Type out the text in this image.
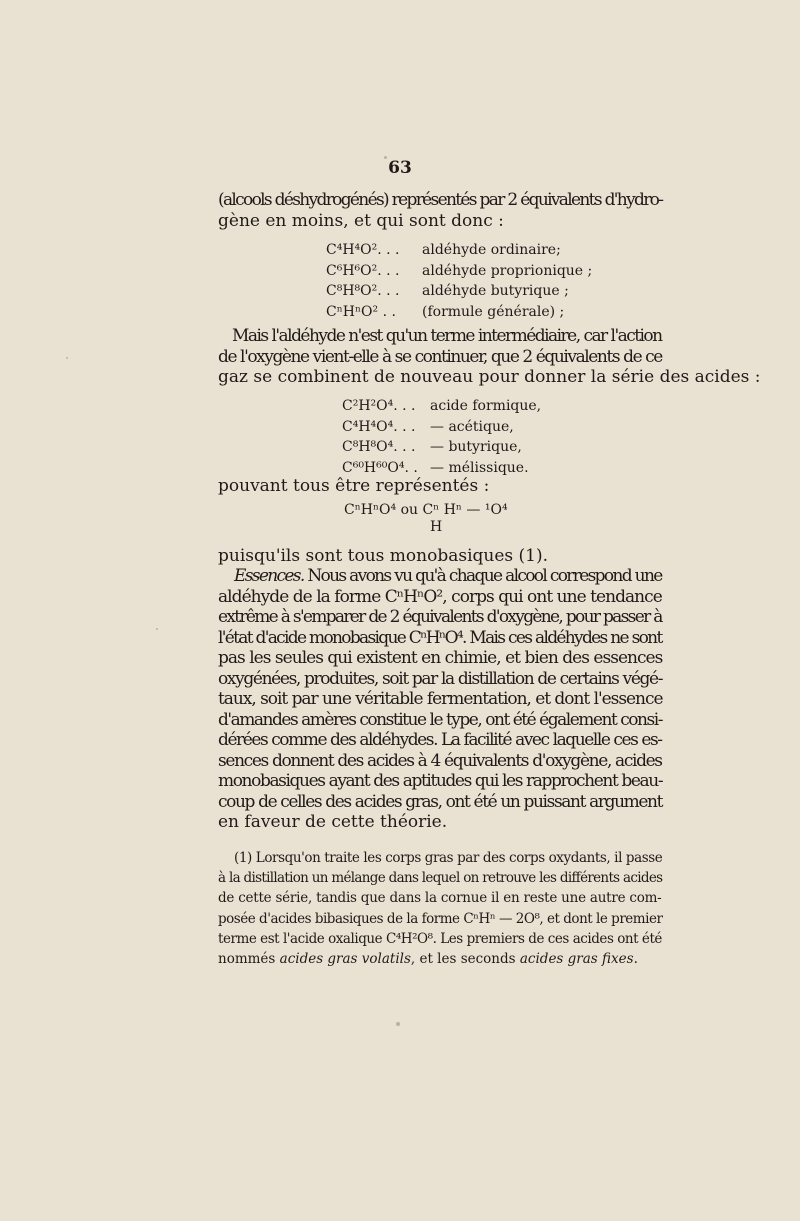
63
(alcools déshydrogénés) représentés par 2 équivalents d'hydro-
gène en moins, et qui sont donc :
C⁴H⁴O². . .	aldéhyde ordinaire;
C⁶H⁶O². . .	aldéhyde proprionique ;
C⁸H⁸O². . .	aldéhyde butyrique ;
CⁿHⁿO² . .	(formule générale) ;
Mais l'aldéhyde n'est qu'un terme intermédiaire, car l'action
de l'oxygène vient-elle à se continuer, que 2 équivalents de ce
gaz se combinent de nouveau pour donner la série des acides :
C²H²O⁴. . .	acide formique,
C⁴H⁴O⁴. . .	— acétique,
C⁸H⁸O⁴. . .	— butyrique,
C⁶⁰H⁶⁰O⁴. . — mélissique.
pouvant tous être représentés :
CⁿHⁿO⁴ ou Cⁿ Hⁿ — ¹O⁴
H
puisqu'ils sont tous monobasiques (1).
Essences. Nous avons vu qu'à chaque alcool correspond une
aldéhyde de la forme CⁿHⁿO², corps qui ont une tendance
extrême à s'emparer de 2 équivalents d'oxygène, pour passer à
l'état d'acide monobasique CⁿHⁿO⁴. Mais ces aldéhydes ne sont
pas les seules qui existent en chimie, et bien des essences
oxygénées, produites, soit par la distillation de certains végé-
taux, soit par une véritable fermentation, et dont l'essence
d'amandes amères constitue le type, ont été également consi-
dérées comme des aldéhydes. La facilité avec laquelle ces es-
sences donnent des acides à 4 équivalents d'oxygène, acides
monobasiques ayant des aptitudes qui les rapprochent beau-
coup de celles des acides gras, ont été un puissant argument
en faveur de cette théorie.
(1) Lorsqu'on traite les corps gras par des corps oxydants, il passe
à la distillation un mélange dans lequel on retrouve les différents acides
de cette série, tandis que dans la cornue il en reste une autre com-
posée d'acides bibasiques de la forme CⁿHⁿ — 2O⁸, et dont le premier
terme est l'acide oxalique C⁴H²O⁸. Les premiers de ces acides ont été
nommés acides gras volatils, et les seconds acides gras fixes.
